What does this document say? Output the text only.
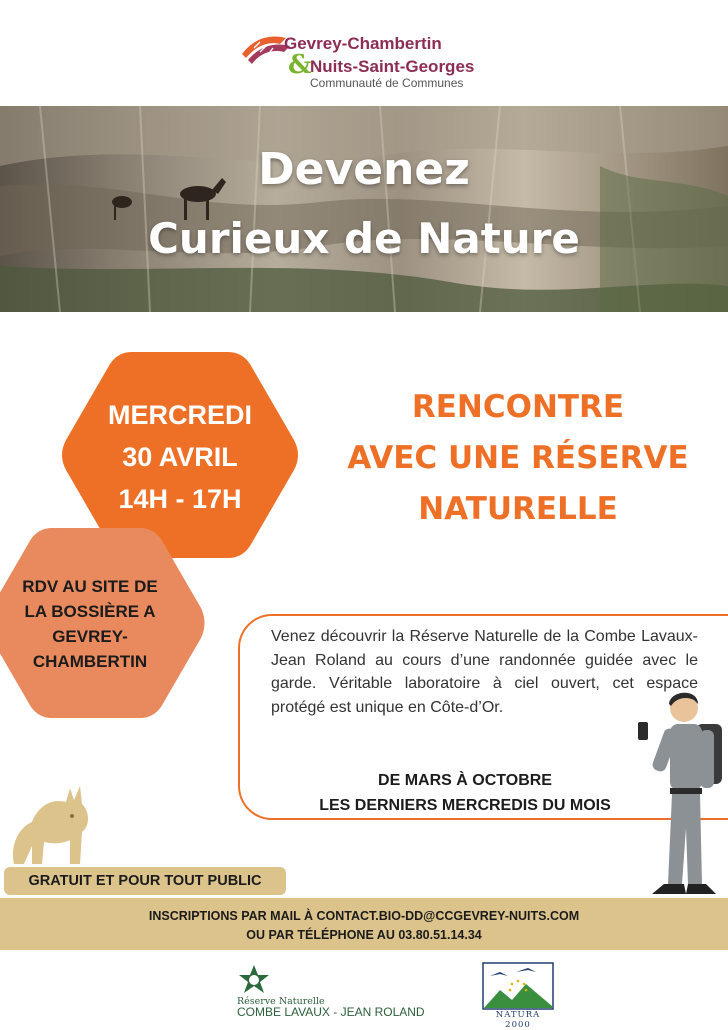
Gevrey-Chambertin
&
Nuits-Saint-Georges
Communauté de Communes
Devenez
Curieux de Nature
MERCREDI
30 AVRIL
14H - 17H
RDV AU SITE DE
LA BOSSIÈRE A
GEVREY-
CHAMBERTIN
RENCONTRE
AVEC UNE RÉSERVE
NATURELLE

Venez découvrir la Réserve Naturelle de la Combe Lavaux- Jean Roland au cours d’une randonnée guidée avec le garde. Véritable laboratoire à ciel ouvert, cet espace protégé est unique en Côte-d’Or.

DE MARS À OCTOBRE
LES DERNIERS MERCREDIS DU MOIS
GRATUIT ET POUR TOUT PUBLIC
INSCRIPTIONS PAR MAIL À CONTACT.BIO-DD@CCGEVREY-NUITS.COM
OU PAR TÉLÉPHONE AU 03.80.51.14.34
Réserve Naturelle
COMBE LAVAUX - JEAN ROLAND	NATURA 2000
